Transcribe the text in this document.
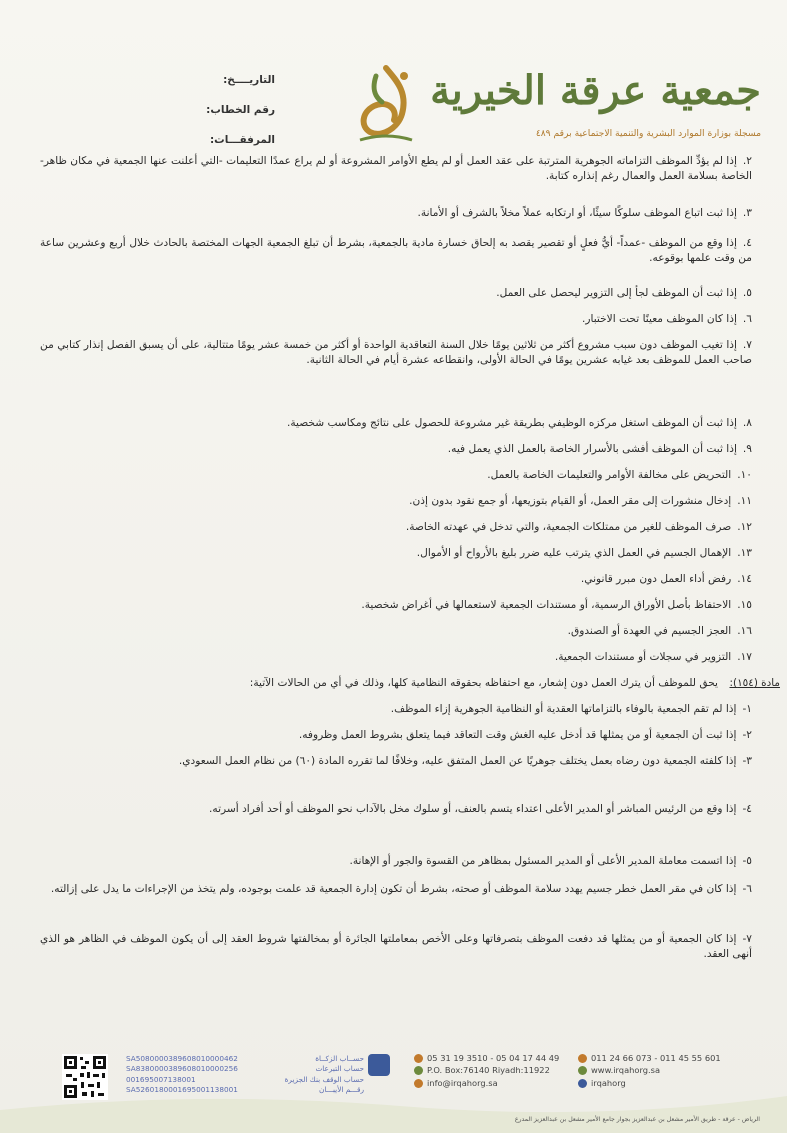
جمعية عرقة الخيرية
مسجلة بوزارة الموارد البشرية والتنمية الاجتماعية برقم ٤٨٩
التاريــــخ:
رقم الخطاب:
المرفقـــات:
٢.إذا لم يؤدِّ الموظف التزاماته الجوهرية المترتبة على عقد العمل أو لم يطع الأوامر المشروعة أو لم يراع عمدًا التعليمات -التي أعلنت عنها الجمعية في مكان ظاهر- الخاصة بسلامة العمل والعمال رغم إنذاره كتابة.
٣.إذا ثبت اتباع الموظف سلوكًا سيئًا، أو ارتكابه عملاً مخلاً بالشرف أو الأمانة.
٤.إذا وقع من الموظف -عمداً- أيُّ فعلٍ أو تقصير يقصد به إلحاق خسارة مادية بالجمعية، بشرط أن تبلغ الجمعية الجهات المختصة بالحادث خلال أربع وعشرين ساعة من وقت علمها بوقوعه.
٥.إذا ثبت أن الموظف لجأ إلى التزوير ليحصل على العمل.
٦.إذا كان الموظف معينًا تحت الاختبار.
٧.إذا تغيب الموظف دون سبب مشروع أكثر من ثلاثين يومًا خلال السنة التعاقدية الواحدة أو أكثر من خمسة عشر يومًا متتالية، على أن يسبق الفصل إنذار كتابي من صاحب العمل للموظف بعد غيابه عشرين يومًا في الحالة الأولى، وانقطاعه عشرة أيام في الحالة الثانية.
٨.إذا ثبت أن الموظف استغل مركزه الوظيفي بطريقة غير مشروعة للحصول على نتائج ومكاسب شخصية.
٩.إذا ثبت أن الموظف أفشى بالأسرار الخاصة بالعمل الذي يعمل فيه.
١٠.التحريض على مخالفة الأوامر والتعليمات الخاصة بالعمل.
١١.إدخال منشورات إلى مقر العمل، أو القيام بتوزيعها، أو جمع نقود بدون إذن.
١٢.صرف الموظف للغير من ممتلكات الجمعية، والتي تدخل في عهدته الخاصة.
١٣.الإهمال الجسيم في العمل الذي يترتب عليه ضرر بليغ بالأرواح أو الأموال.
١٤.رفض أداء العمل دون مبرر قانوني.
١٥.الاحتفاظ بأصل الأوراق الرسمية، أو مستندات الجمعية لاستعمالها في أغراض شخصية.
١٦.العجز الجسيم في العهدة أو الصندوق.
١٧.التزوير في سجلات أو مستندات الجمعية.
مادة (١٥٤):
يحق للموظف أن يترك العمل دون إشعار، مع احتفاظه بحقوقه النظامية كلها، وذلك في أي من الحالات الآتية:
١-إذا لم تقم الجمعية بالوفاء بالتزاماتها العقدية أو النظامية الجوهرية إزاء الموظف.
٢-إذا ثبت أن الجمعية أو من يمثلها قد أدخل عليه الغش وقت التعاقد فيما يتعلق بشروط العمل وظروفه.
٣-إذا كلفته الجمعية دون رضاه بعمل يختلف جوهريًا عن العمل المتفق عليه، وخلافًا لما تقرره المادة (٦٠) من نظام العمل السعودي.
٤-إذا وقع من الرئيس المباشر أو المدير الأعلى اعتداء يتسم بالعنف، أو سلوك مخل بالآداب نحو الموظف أو أحد أفراد أسرته.
٥-إذا اتسمت معاملة المدير الأعلى أو المدير المسئول بمظاهر من القسوة والجور أو الإهانة.
٦-إذا كان في مقر العمل خطر جسيم يهدد سلامة الموظف أو صحته، بشرط أن تكون إدارة الجمعية قد علمت بوجوده، ولم يتخذ من الإجراءات ما يدل على إزالته.
٧-إذا كان الجمعية أو من يمثلها قد دفعت الموظف بتصرفاتها وعلى الأخص بمعاملتها الجائرة أو بمخالفتها شروط العقد إلى أن يكون الموظف في الظاهر هو الذي أنهى العقد.
SA5080000389608010000462	حســاب الزكــاة
SA8380000389608010000256	حساب التبرعات
001695007138001	حساب الوقف بنك الجزيرة
SA5260180001695001138001	رقـــم الأيبـــان
05 31 19 3510 - 05 04 17 44 49
P.O. Box:76140 Riyadh:11922
info@irqahorg.sa
011 24 66 073 - 011 45 55 601
www.irqahorg.sa
irqahorg
الرياض - عرقة - طريق الأمير مشعل بن عبدالعزيز بجوار جامع الأمير مشعل بن عبدالعزيز المدرع
